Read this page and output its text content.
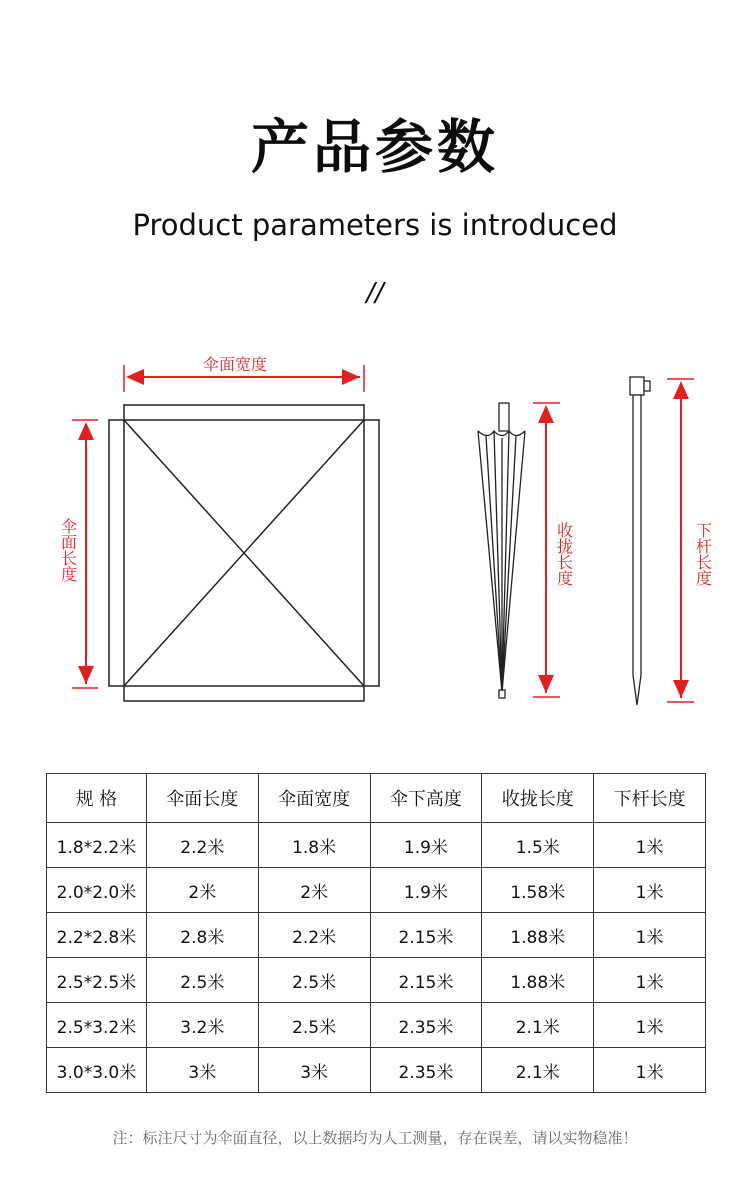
产品参数
Product parameters is introduced
//
伞面宽度
伞面长度	收拢长度	下杆长度
规 格	伞面长度	伞面宽度	伞下高度	收拢长度	下杆长度
1.8*2.2米	2.2米	1.8米	1.9米	1.5米	1米
2.0*2.0米	2米	2米	1.9米	1.58米	1米
2.2*2.8米	2.8米	2.2米	2.15米	1.88米	1米
2.5*2.5米	2.5米	2.5米	2.15米	1.88米	1米
2.5*3.2米	3.2米	2.5米	2.35米	2.1米	1米
3.0*3.0米	3米	3米	2.35米	2.1米	1米
注：标注尺寸为伞面直径，以上数据均为人工测量，存在误差，请以实物稳准！
